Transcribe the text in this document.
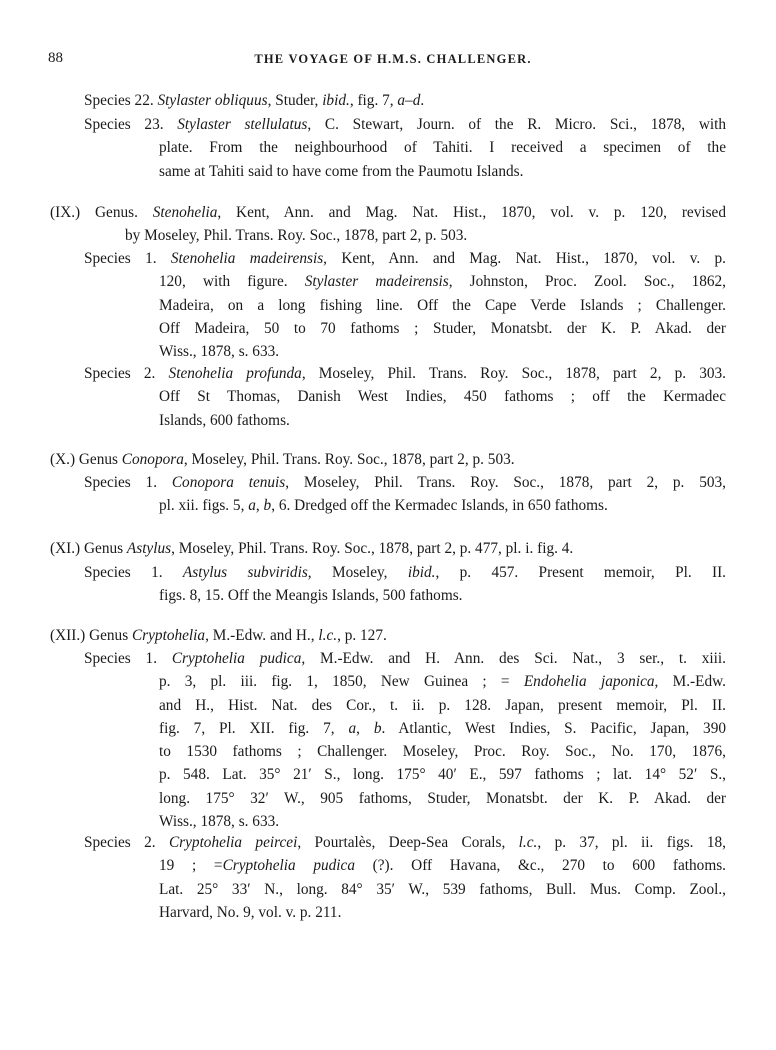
88	THE VOYAGE OF H.M.S. CHALLENGER.
Species 22. Stylaster obliquus, Studer, ibid., fig. 7, a–d.
Species 23. Stylaster stellulatus, C. Stewart, Journ. of the R. Micro. Sci., 1878, with
plate. From the neighbourhood of Tahiti. I received a specimen of the
same at Tahiti said to have come from the Paumotu Islands.
(IX.) Genus. Stenohelia, Kent, Ann. and Mag. Nat. Hist., 1870, vol. v. p. 120, revised
by Moseley, Phil. Trans. Roy. Soc., 1878, part 2, p. 503.
Species 1. Stenohelia madeirensis, Kent, Ann. and Mag. Nat. Hist., 1870, vol. v. p.
120, with figure. Stylaster madeirensis, Johnston, Proc. Zool. Soc., 1862,
Madeira, on a long fishing line. Off the Cape Verde Islands ; Challenger.
Off Madeira, 50 to 70 fathoms ; Studer, Monatsbt. der K. P. Akad. der
Wiss., 1878, s. 633.
Species 2. Stenohelia profunda, Moseley, Phil. Trans. Roy. Soc., 1878, part 2, p. 303.
Off St Thomas, Danish West Indies, 450 fathoms ; off the Kermadec
Islands, 600 fathoms.
(X.) Genus Conopora, Moseley, Phil. Trans. Roy. Soc., 1878, part 2, p. 503.
Species 1. Conopora tenuis, Moseley, Phil. Trans. Roy. Soc., 1878, part 2, p. 503,
pl. xii. figs. 5, a, b, 6. Dredged off the Kermadec Islands, in 650 fathoms.
(XI.) Genus Astylus, Moseley, Phil. Trans. Roy. Soc., 1878, part 2, p. 477, pl. i. fig. 4.
Species 1. Astylus subviridis, Moseley, ibid., p. 457. Present memoir, Pl. II.
figs. 8, 15. Off the Meangis Islands, 500 fathoms.
(XII.) Genus Cryptohelia, M.-Edw. and H., l.c., p. 127.
Species 1. Cryptohelia pudica, M.-Edw. and H. Ann. des Sci. Nat., 3 ser., t. xiii.
p. 3, pl. iii. fig. 1, 1850, New Guinea ; = Endohelia japonica, M.-Edw.
and H., Hist. Nat. des Cor., t. ii. p. 128. Japan, present memoir, Pl. II.
fig. 7, Pl. XII. fig. 7, a, b. Atlantic, West Indies, S. Pacific, Japan, 390
to 1530 fathoms ; Challenger. Moseley, Proc. Roy. Soc., No. 170, 1876,
p. 548. Lat. 35° 21′ S., long. 175° 40′ E., 597 fathoms ; lat. 14° 52′ S.,
long. 175° 32′ W., 905 fathoms, Studer, Monatsbt. der K. P. Akad. der
Wiss., 1878, s. 633.
Species 2. Cryptohelia peircei, Pourtalès, Deep-Sea Corals, l.c., p. 37, pl. ii. figs. 18,
19 ; =Cryptohelia pudica (?). Off Havana, &c., 270 to 600 fathoms.
Lat. 25° 33′ N., long. 84° 35′ W., 539 fathoms, Bull. Mus. Comp. Zool.,
Harvard, No. 9, vol. v. p. 211.
